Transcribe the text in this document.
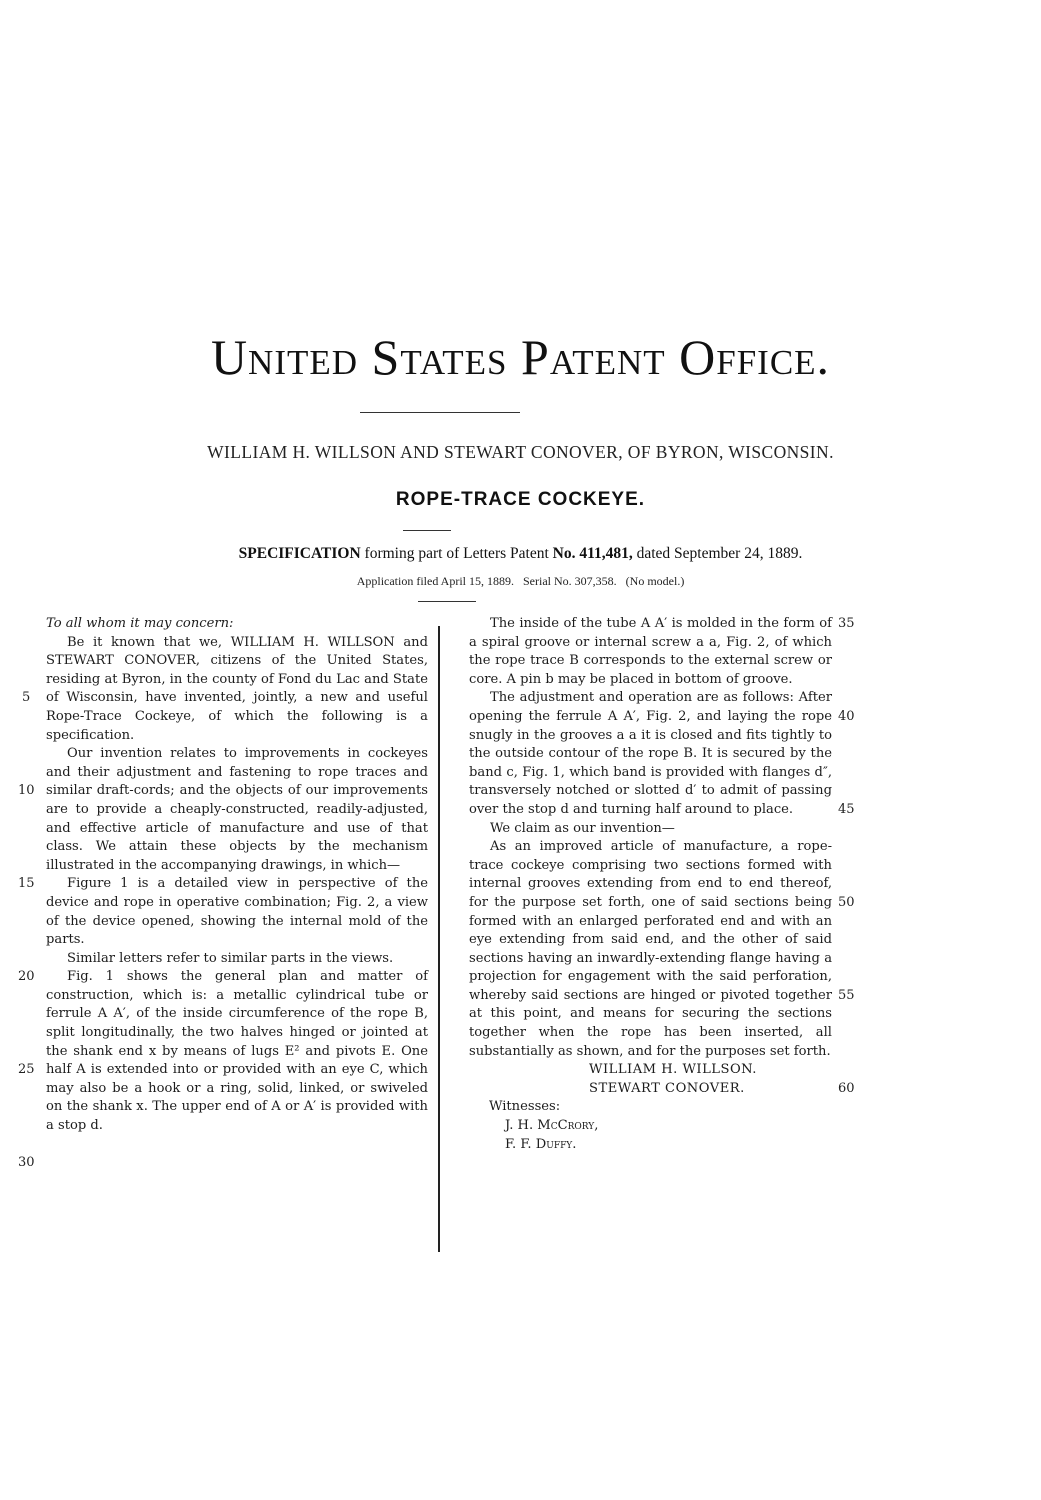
United States Patent Office.
WILLIAM H. WILLSON AND STEWART CONOVER, OF BYRON, WISCONSIN.
ROPE-TRACE COCKEYE.
SPECIFICATION forming part of Letters Patent No. 411,481, dated September 24, 1889.
Application filed April 15, 1889.   Serial No. 307,358.   (No model.)

To all whom it may concern:

Be it known that we, WILLIAM H. WILLSON and STEWART CONOVER, citizens of the United States, residing at Byron, in the county of Fond du Lac and State of Wisconsin, have invented, jointly, a new and useful Rope-Trace Cockeye, of which the following is a specification.

Our invention relates to improvements in cockeyes and their adjustment and fastening to rope traces and similar draft-cords; and the objects of our improvements are to provide a cheaply-constructed, readily-adjusted, and effective article of manufacture and use of that class. We attain these objects by the mechanism illustrated in the accompanying drawings, in which—

Figure 1 is a detailed view in perspective of the device and rope in operative combination; Fig. 2, a view of the device opened, showing the internal mold of the parts.

Similar letters refer to similar parts in the views.

Fig. 1 shows the general plan and matter of construction, which is: a metallic cylindrical tube or ferrule A A′, of the inside circumference of the rope B, split longitudinally, the two halves hinged or jointed at the shank end x by means of lugs E² and pivots E. One half A is extended into or provided with an eye C, which may also be a hook or a ring, solid, linked, or swiveled on the shank x. The upper end of A or A′ is provided with a stop d.

5
10
15
20
25
30

The inside of the tube A A′ is molded in the form of a spiral groove or internal screw a a, Fig. 2, of which the rope trace B corresponds to the external screw or core. A pin b may be placed in bottom of groove.

The adjustment and operation are as follows: After opening the ferrule A A′, Fig. 2, and laying the rope snugly in the grooves a a it is closed and fits tightly to the outside contour of the rope B. It is secured by the band c, Fig. 1, which band is provided with flanges d″, transversely notched or slotted d′ to admit of passing over the stop d and turning half around to place.

We claim as our invention—

As an improved article of manufacture, a rope-trace cockeye comprising two sections formed with internal grooves extending from end to end thereof, for the purpose set forth, one of said sections being formed with an enlarged perforated end and with an eye extending from said end, and the other of said sections having an inwardly-extending flange having a projection for engagement with the said perforation, whereby said sections are hinged or pivoted together at this point, and means for securing the sections together when the rope has been inserted, all substantially as shown, and for the purposes set forth.

WILLIAM H. WILLSON.

STEWART CONOVER.

Witnesses:

J. H. McCrory,

F. F. Duffy.

35
40
45
50
55
60
